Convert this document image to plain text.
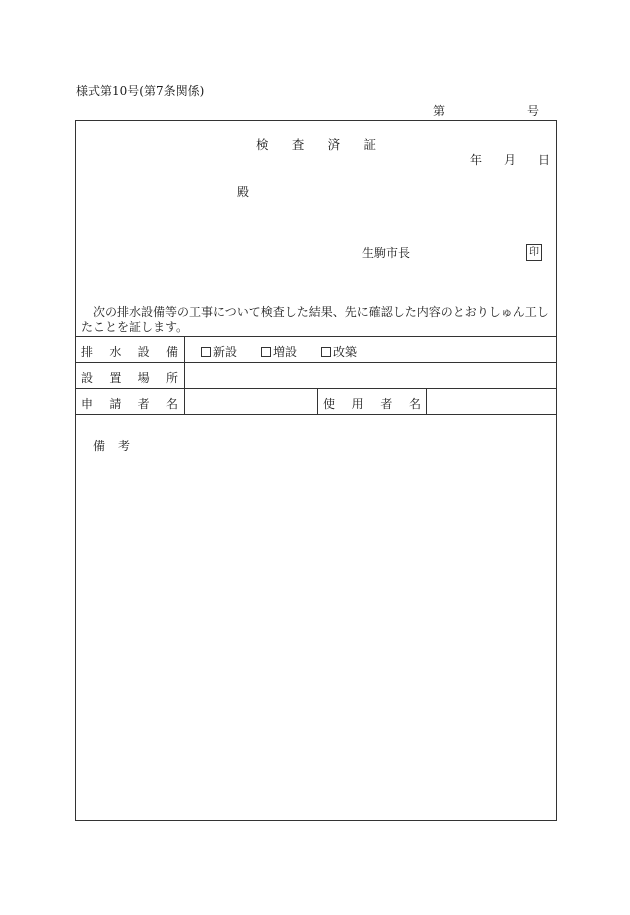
様式第10号(第7条関係)
第	号
検 査 済 証
年 月 日
殿
生駒市長	印
次の排水設備等の工事について検査した結果、先に確認した内容のとおりしゅん工したことを証します。
排 水 設 備	新設	増設	改築
設 置 場 所
申 請 者 名	使 用 者 名
備 考
